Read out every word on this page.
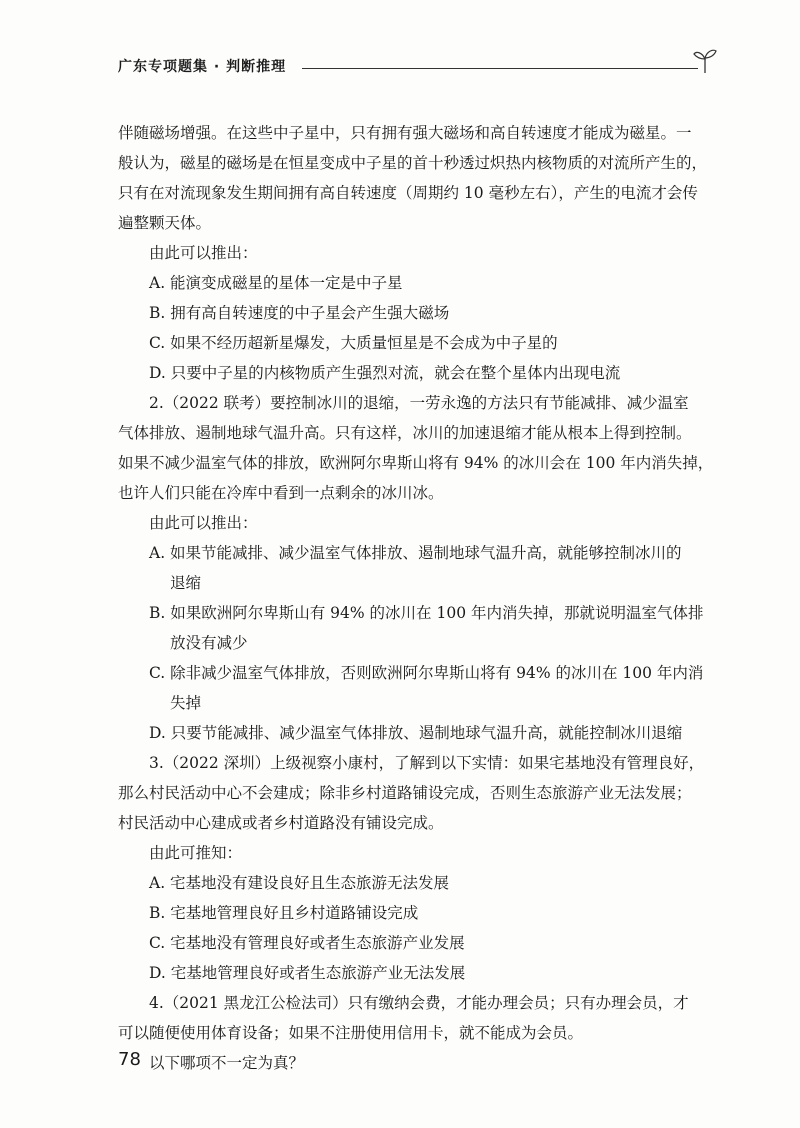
广东专项题集 · 判断推理
伴随磁场增强。在这些中子星中，只有拥有强大磁场和高自转速度才能成为磁星。一
般认为，磁星的磁场是在恒星变成中子星的首十秒透过炽热内核物质的对流所产生的，
只有在对流现象发生期间拥有高自转速度（周期约 10 毫秒左右），产生的电流才会传
遍整颗天体。
由此可以推出：
A. 能演变成磁星的星体一定是中子星
B. 拥有高自转速度的中子星会产生强大磁场
C. 如果不经历超新星爆发，大质量恒星是不会成为中子星的
D. 只要中子星的内核物质产生强烈对流，就会在整个星体内出现电流
2.（2022 联考）要控制冰川的退缩，一劳永逸的方法只有节能减排、减少温室
气体排放、遏制地球气温升高。只有这样，冰川的加速退缩才能从根本上得到控制。
如果不减少温室气体的排放，欧洲阿尔卑斯山将有 94% 的冰川会在 100 年内消失掉，
也许人们只能在冷库中看到一点剩余的冰川冰。
由此可以推出：
A. 如果节能减排、减少温室气体排放、遏制地球气温升高，就能够控制冰川的
退缩
B. 如果欧洲阿尔卑斯山有 94% 的冰川在 100 年内消失掉，那就说明温室气体排
放没有减少
C. 除非减少温室气体排放，否则欧洲阿尔卑斯山将有 94% 的冰川在 100 年内消
失掉
D. 只要节能减排、减少温室气体排放、遏制地球气温升高，就能控制冰川退缩
3.（2022 深圳）上级视察小康村，了解到以下实情：如果宅基地没有管理良好，
那么村民活动中心不会建成；除非乡村道路铺设完成，否则生态旅游产业无法发展；
村民活动中心建成或者乡村道路没有铺设完成。
由此可推知：
A. 宅基地没有建设良好且生态旅游无法发展
B. 宅基地管理良好且乡村道路铺设完成
C. 宅基地没有管理良好或者生态旅游产业发展
D. 宅基地管理良好或者生态旅游产业无法发展
4.（2021 黑龙江公检法司）只有缴纳会费，才能办理会员；只有办理会员，才
可以随便使用体育设备；如果不注册使用信用卡，就不能成为会员。
以下哪项不一定为真？
78
